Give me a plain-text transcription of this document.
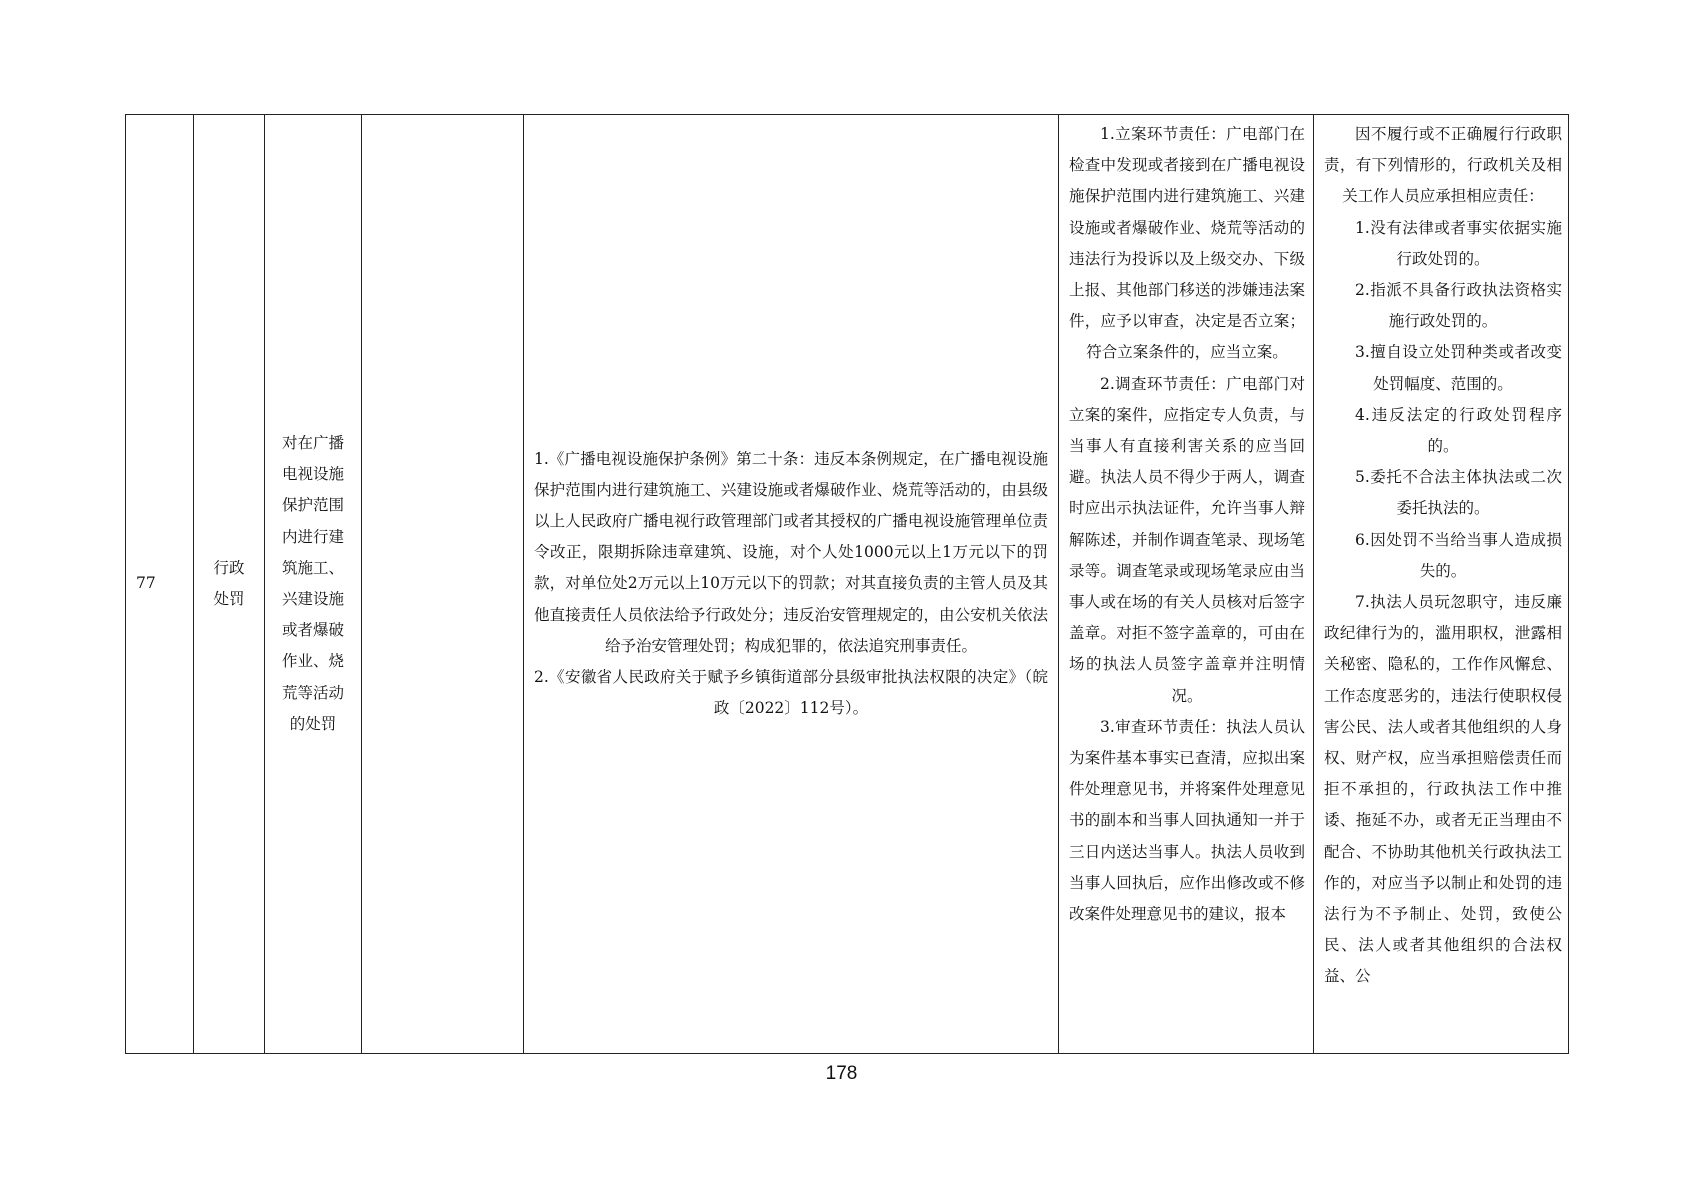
77
行政处罚
对在广播电视设施保护范围内进行建筑施工、兴建设施或者爆破作业、烧荒等活动的处罚

1.《广播电视设施保护条例》第二十条：违反本条例规定，在广播电视设施保护范围内进行建筑施工、兴建设施或者爆破作业、烧荒等活动的，由县级以上人民政府广播电视行政管理部门或者其授权的广播电视设施管理单位责令改正，限期拆除违章建筑、设施，对个人处1000元以上1万元以下的罚款，对单位处2万元以上10万元以下的罚款；对其直接负责的主管人员及其他直接责任人员依法给予行政处分；违反治安管理规定的，由公安机关依法给予治安管理处罚；构成犯罪的，依法追究刑事责任。

2.《安徽省人民政府关于赋予乡镇街道部分县级审批执法权限的决定》（皖政〔2022〕112号）。

1.立案环节责任：广电部门在检查中发现或者接到在广播电视设施保护范围内进行建筑施工、兴建设施或者爆破作业、烧荒等活动的违法行为投诉以及上级交办、下级上报、其他部门移送的涉嫌违法案件，应予以审查，决定是否立案；符合立案条件的，应当立案。

2.调查环节责任：广电部门对立案的案件，应指定专人负责，与当事人有直接利害关系的应当回避。执法人员不得少于两人，调查时应出示执法证件，允许当事人辩解陈述，并制作调查笔录、现场笔录等。调查笔录或现场笔录应由当事人或在场的有关人员核对后签字盖章。对拒不签字盖章的，可由在场的执法人员签字盖章并注明情况。

3.审查环节责任：执法人员认为案件基本事实已查清，应拟出案件处理意见书，并将案件处理意见书的副本和当事人回执通知一并于三日内送达当事人。执法人员收到当事人回执后，应作出修改或不修改案件处理意见书的建议，报本

因不履行或不正确履行行政职责，有下列情形的，行政机关及相关工作人员应承担相应责任：

1.没有法律或者事实依据实施行政处罚的。

2.指派不具备行政执法资格实施行政处罚的。

3.擅自设立处罚种类或者改变处罚幅度、范围的。

4.违反法定的行政处罚程序的。

5.委托不合法主体执法或二次委托执法的。

6.因处罚不当给当事人造成损失的。

7.执法人员玩忽职守，违反廉政纪律行为的，滥用职权，泄露相关秘密、隐私的，工作作风懈怠、工作态度恶劣的，违法行使职权侵害公民、法人或者其他组织的人身权、财产权，应当承担赔偿责任而拒不承担的，行政执法工作中推诿、拖延不办，或者无正当理由不配合、不协助其他机关行政执法工作的，对应当予以制止和处罚的违法行为不予制止、处罚，致使公民、法人或者其他组织的合法权益、公

178
